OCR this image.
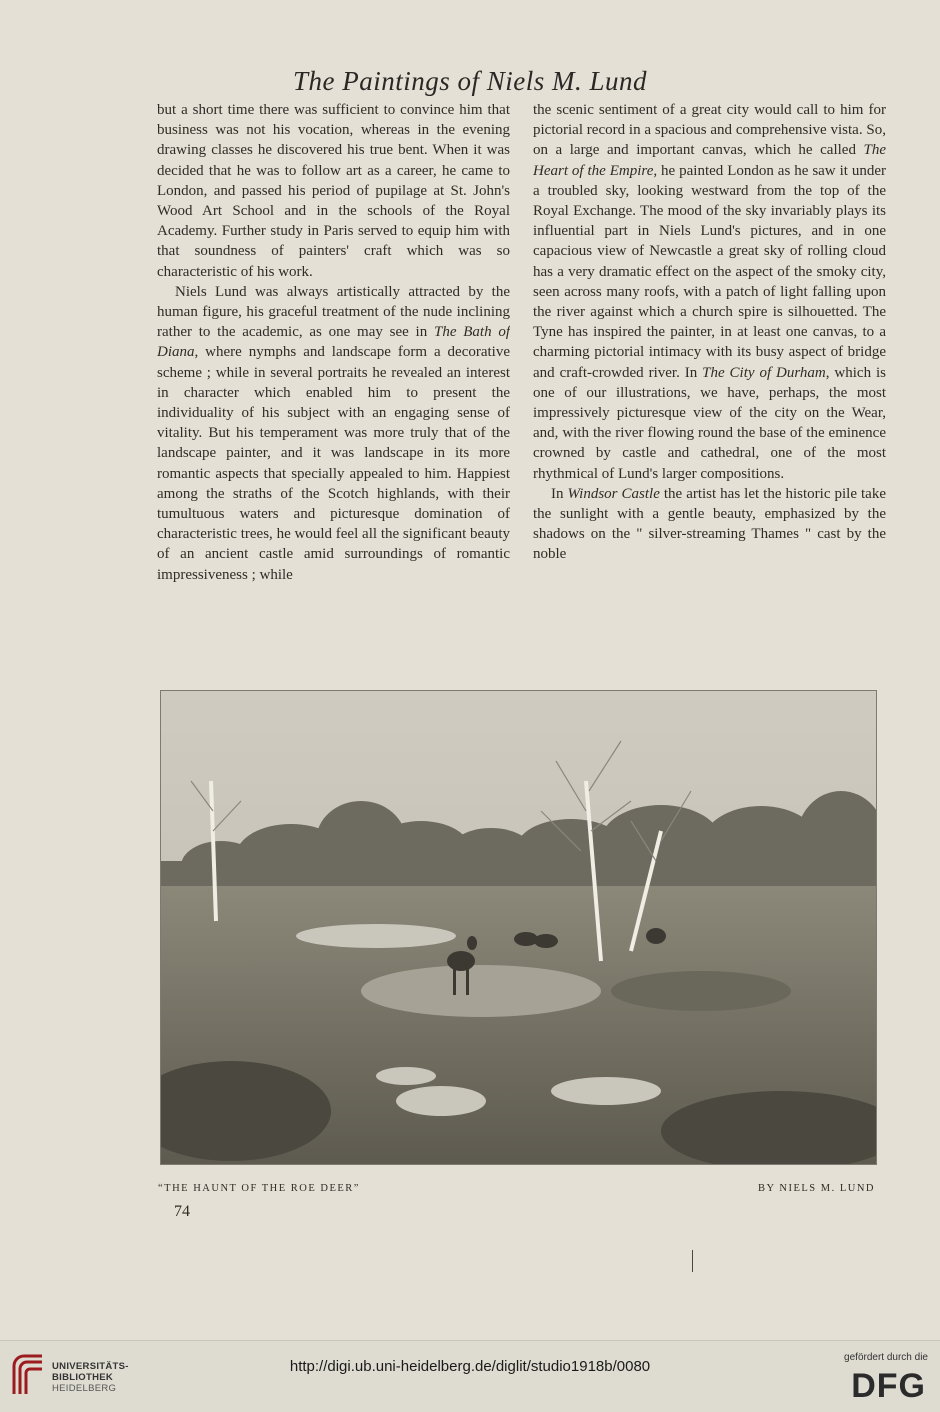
The Paintings of Niels M. Lund

but a short time there was sufficient to convince him that business was not his vocation, whereas in the evening drawing classes he discovered his true bent. When it was decided that he was to follow art as a career, he came to London, and passed his period of pupilage at St. John's Wood Art School and in the schools of the Royal Academy. Further study in Paris served to equip him with that soundness of painters' craft which was so characteristic of his work.

Niels Lund was always artistically attracted by the human figure, his graceful treatment of the nude inclining rather to the academic, as one may see in The Bath of Diana, where nymphs and landscape form a decorative scheme ; while in several portraits he revealed an interest in character which enabled him to present the individuality of his subject with an engaging sense of vitality. But his temperament was more truly that of the landscape painter, and it was landscape in its more romantic aspects that specially appealed to him. Happiest among the straths of the Scotch highlands, with their tumultuous waters and picturesque domination of characteristic trees, he would feel all the significant beauty of an ancient castle amid surroundings of romantic impressiveness ; while

the scenic sentiment of a great city would call to him for pictorial record in a spacious and comprehensive vista. So, on a large and important canvas, which he called The Heart of the Empire, he painted London as he saw it under a troubled sky, looking westward from the top of the Royal Exchange. The mood of the sky invariably plays its influential part in Niels Lund's pictures, and in one capacious view of Newcastle a great sky of rolling cloud has a very dramatic effect on the aspect of the smoky city, seen across many roofs, with a patch of light falling upon the river against which a church spire is silhouetted. The Tyne has inspired the painter, in at least one canvas, to a charming pictorial intimacy with its busy aspect of bridge and craft-crowded river. In The City of Durham, which is one of our illustrations, we have, perhaps, the most impressively picturesque view of the city on the Wear, and, with the river flowing round the base of the eminence crowned by castle and cathedral, one of the most rhythmical of Lund's larger compositions.

In Windsor Castle the artist has let the historic pile take the sunlight with a gentle beauty, emphasized by the shadows on the " silver-streaming Thames " cast by the noble

“THE HAUNT OF THE ROE DEER”	BY NIELS M. LUND
74
UNIVERSITÄTS-
BIBLIOTHEK
HEIDELBERG
http://digi.ub.uni-heidelberg.de/diglit/studio1918b/0080
gefördert durch die
DFG
